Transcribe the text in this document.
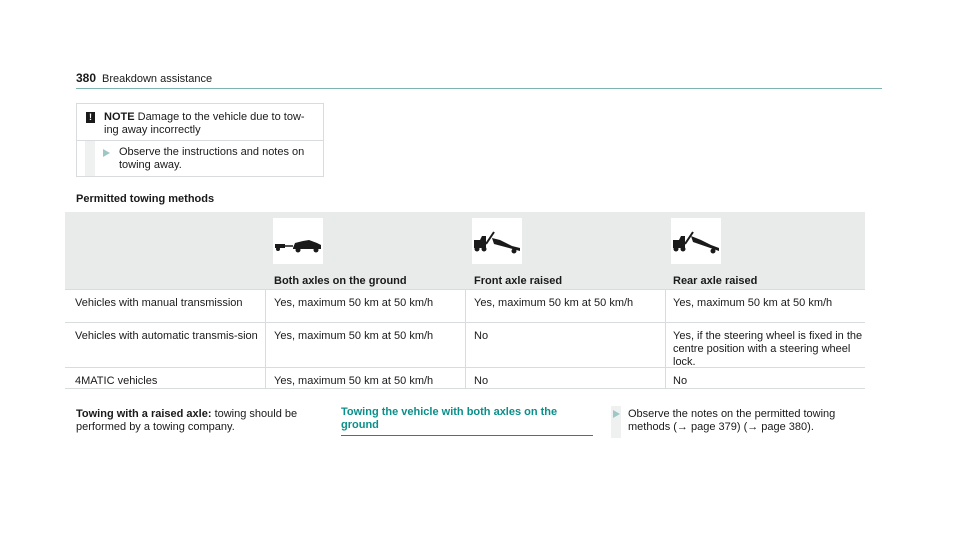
380 Breakdown assistance
! NOTE Damage to the vehicle due to tow-ing away incorrectly
Observe the instructions and notes on towing away.
Permitted towing methods
Both axles on the ground	Front axle raised	Rear axle raised
Vehicles with manual transmission	Yes, maximum 50 km at 50 km/h	Yes, maximum 50 km at 50 km/h	Yes, maximum 50 km at 50 km/h
Vehicles with automatic transmis-sion	Yes, maximum 50 km at 50 km/h	No	Yes, if the steering wheel is fixed in the centre position with a steering wheel lock.
4MATIC vehicles	Yes, maximum 50 km at 50 km/h	No	No
Towing with a raised axle: towing should be performed by a towing company.
Towing the vehicle with both axles on the ground
Observe the notes on the permitted towing methods (→ page 379) (→ page 380).
